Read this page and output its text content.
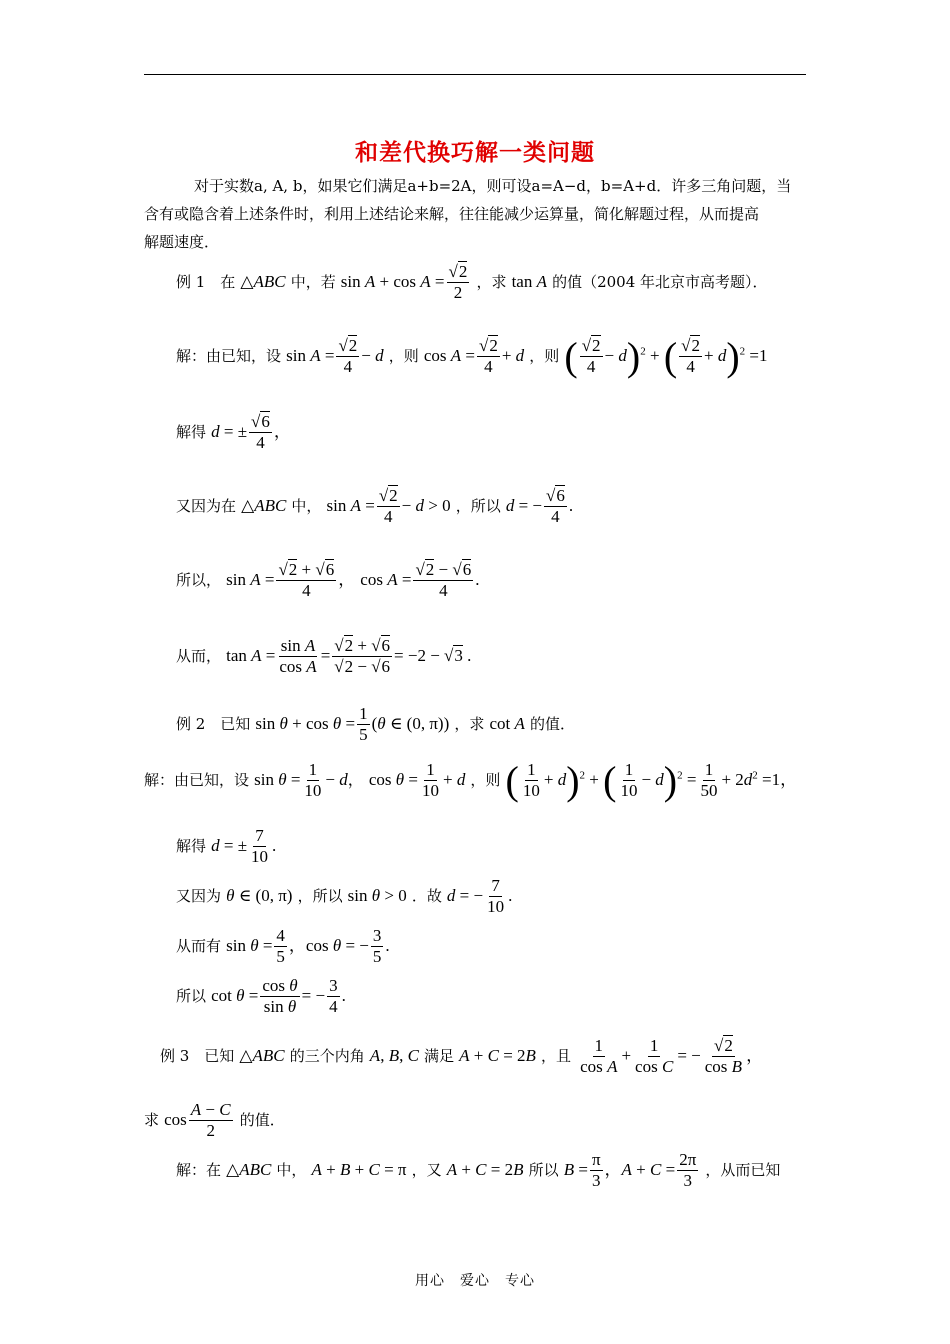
和差代换巧解一类问题
对于实数a, A, b，如果它们满足a+b=2A，则可设a=A−d，b=A+d．许多三角问题，当
含有或隐含着上述条件时，利用上述结论来解，往往能减少运算量，简化解题过程，从而提高
解题速度．
例 1　在 △ABC 中，若 $\sin A + \cos A = \frac{√2}{2}$ ，求 tan A 的值（2004 年北京市高考题）．
解：由已知，设 $\sin A = \frac{√2}{4} - d$ ，则 $\cos A = \frac{√2}{4} + d$ ，则 ( $\frac{√2}{4} - d)^2$ + ( $\frac{√2}{4} + d)^2 =1$
解得 d = ± $\frac{√6}{4}$ ，
又因为在 △ABC 中， $\sin A = \frac{√2}{4} - d > 0$ ，所以 d = − $\frac{√6}{4}$ .
所以， $\sin A = \frac{√2 + √6}{4}$ ， $\cos A = \frac{√2 - √6}{4}$ .
从而， $\tan A = \frac{\text{sin A}}{\text{cos A}} = \frac{√2 + √6}{√2 - √6} = -2 - √3$ .
例 2　已知 $\sin \theta + \cos \theta = \frac{1}{5} (\theta$ ∈ (0, π)) ，求 cot A 的值．
解：由已知，设 $\sin \theta = \frac{1}{10} - d$， $\cos \theta = \frac{1}{10} + d$ ，则 ( $\frac{1}{10} + d)^2$ + ( $\frac{1}{10} - d)^2 = \frac{1}{50} + 2d^2 =1$，
解得 d = ± $\frac{7}{10}$ .
又因为 θ ∈ (0, π) ，所以 sin θ > 0 ．故 d = − $\frac{7}{10}$ .
从而有 $\sin \theta = \frac{4}{5}$ ，cos θ = − $\frac{3}{5}$ .
所以 $\cot \theta = \frac{\text{cos θ}}{\text{sin θ}}$ = − $\frac{3}{4}$ .
例 3　已知 △ABC 的三个内角 A, B, C 满足 A + C = 2B ，且 $\frac{1}{\text{cos A}} + \frac{1}{\text{cos C}}$ = − $\frac{√2}{\text{cos B}}$ ，
求 $\cos \frac{A - C}{2}$ 的值．
解：在 △ABC 中， A + B + C = π ，又 A + C = 2B 所以 $B = \frac{\pi}{3}$ ，$A + C = \frac{2\pi}{3}$ ，从而已知
用心　爱心　专心
